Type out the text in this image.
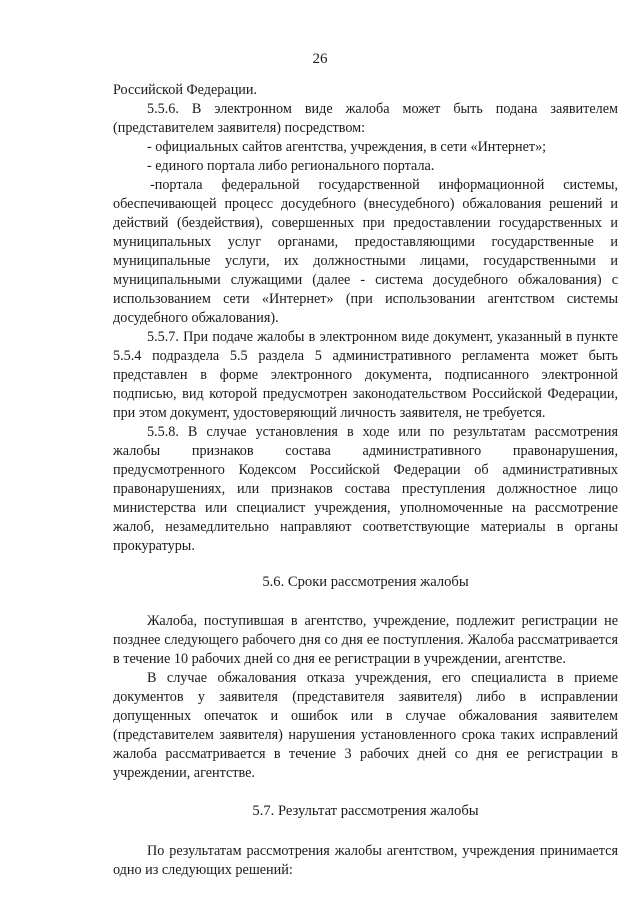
26

Российской Федерации.

5.5.6. В электронном виде жалоба может быть подана заявителем (представителем заявителя) посредством:

- официальных сайтов агентства, учреждения, в сети «Интернет»;

- единого портала либо регионального портала.

-портала федеральной государственной информационной системы, обеспечивающей процесс досудебного (внесудебного) обжалования решений и действий (бездействия), совершенных при предоставлении государственных и муниципальных услуг органами, предоставляющими государственные и муниципальные услуги, их должностными лицами, государственными и муниципальными служащими (далее - система досудебного обжалования) с использованием сети «Интернет» (при использовании агентством системы досудебного обжалования).

5.5.7. При подаче жалобы в электронном виде документ, указанный в пункте 5.5.4 подраздела 5.5 раздела 5 административного регламента может быть представлен в форме электронного документа, подписанного электронной подписью, вид которой предусмотрен законодательством Российской Федерации, при этом документ, удостоверяющий личность заявителя, не требуется.

5.5.8. В случае установления в ходе или по результатам рассмотрения жалобы признаков состава административного правонарушения, предусмотренного Кодексом Российской Федерации об административных правонарушениях, или признаков состава преступления должностное лицо министерства или специалист учреждения, уполномоченные на рассмотрение жалоб, незамедлительно направляют соответствующие материалы в органы прокуратуры.

5.6. Сроки рассмотрения жалобы

Жалоба, поступившая в агентство, учреждение, подлежит регистрации не позднее следующего рабочего дня со дня ее поступления. Жалоба рассматривается в течение 10 рабочих дней со дня ее регистрации в учреждении, агентстве.

В случае обжалования отказа учреждения, его специалиста в приеме документов у заявителя (представителя заявителя) либо в исправлении допущенных опечаток и ошибок или в случае обжалования заявителем (представителем заявителя) нарушения установленного срока таких исправлений жалоба рассматривается в течение 3 рабочих дней со дня ее регистрации в учреждении, агентстве.

5.7. Результат рассмотрения жалобы

По результатам рассмотрения жалобы агентством, учреждения принимается одно из следующих решений:
